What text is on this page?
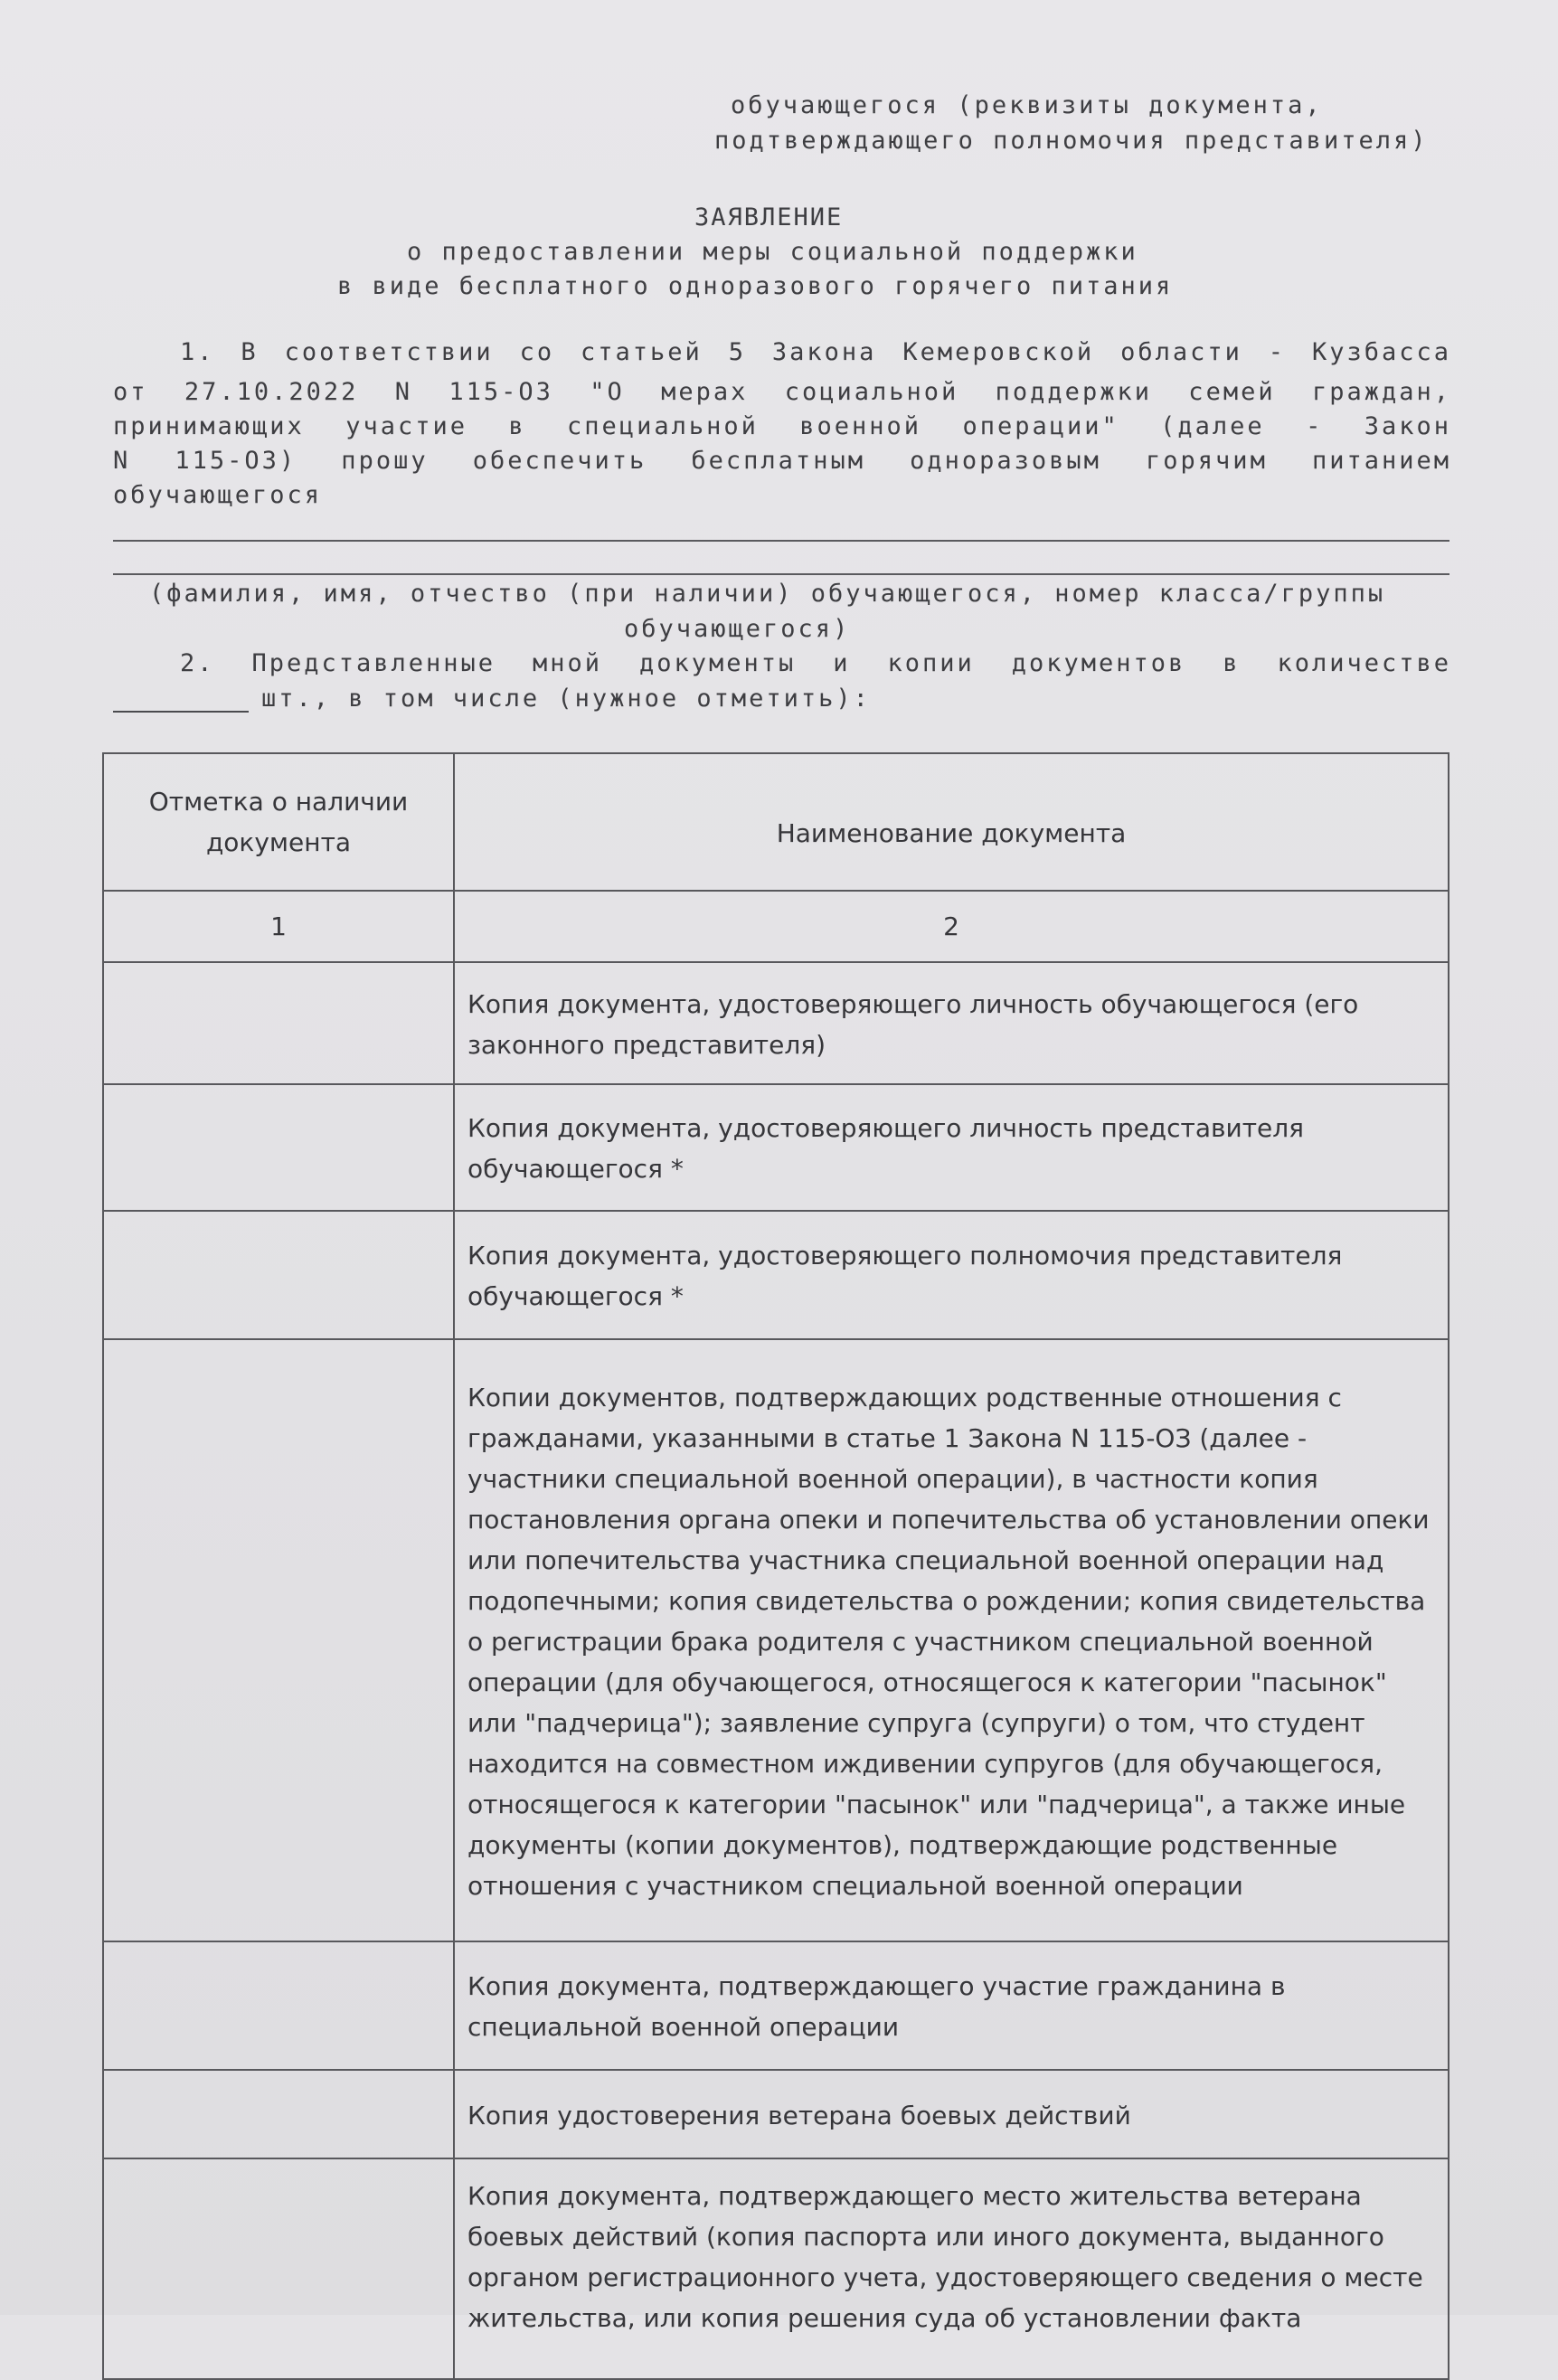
обучающегося (реквизиты документа,
подтверждающего полномочия представителя)
ЗАЯВЛЕНИЕ
о предоставлении меры социальной поддержки
в виде бесплатного одноразового горячего питания
1. В соответствии со статьей 5 Закона Кемеровской области - Кузбасса
от 27.10.2022 N 115-ОЗ "О мерах социальной поддержки семей граждан,
принимающих участие в специальной военной операции" (далее - Закон
N 115-ОЗ) прошу обеспечить бесплатным одноразовым горячим питанием
обучающегося
(фамилия, имя, отчество (при наличии) обучающегося, номер класса/группы
обучающегося)
2. Представленные мной документы и копии документов в количестве
шт., в том числе (нужное отметить):
Отметка о наличии документа	Наименование документа
1	2
	Копия документа, удостоверяющего личность обучающегося (его законного представителя)
	Копия документа, удостоверяющего личность представителя обучающегося *
	Копия документа, удостоверяющего полномочия представителя обучающегося *
	Копии документов, подтверждающих родственные отношения с гражданами, указанными в статье 1 Закона N 115-ОЗ (далее - участники специальной военной операции), в частности копия постановления органа опеки и попечительства об установлении опеки или попечительства участника специальной военной операции над подопечными; копия свидетельства о рождении; копия свидетельства о регистрации брака родителя с участником специальной военной операции (для обучающегося, относящегося к категории "пасынок" или "падчерица"); заявление супруга (супруги) о том, что студент находится на совместном иждивении супругов (для обучающегося, относящегося к категории "пасынок" или "падчерица", а также иные документы (копии документов), подтверждающие родственные отношения с участником специальной военной операции
	Копия документа, подтверждающего участие гражданина в специальной военной операции
	Копия удостоверения ветерана боевых действий
	Копия документа, подтверждающего место жительства ветерана боевых действий (копия паспорта или иного документа, выданного органом регистрационного учета, удостоверяющего сведения о месте жительства, или копия решения суда об установлении факта
